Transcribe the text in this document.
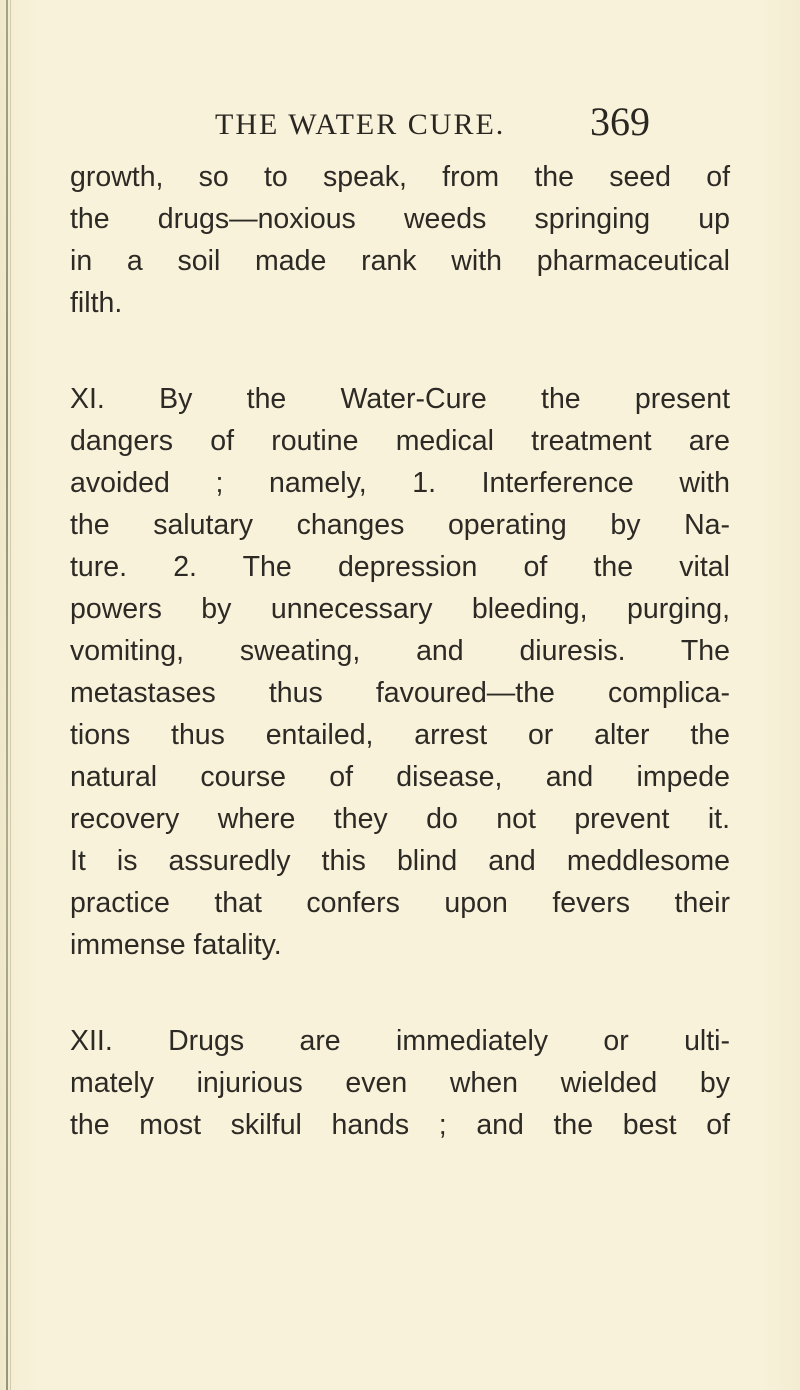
THE WATER CURE. 369
growth, so to speak, from the seed of
the drugs—noxious weeds springing up
in a soil made rank with pharmaceutical
filth.
XI. By the Water-Cure the present
dangers of routine medical treatment are
avoided ; namely, 1. Interference with
the salutary changes operating by Na-
ture. 2. The depression of the vital
powers by unnecessary bleeding, purging,
vomiting, sweating, and diuresis. The
metastases thus favoured—the complica-
tions thus entailed, arrest or alter the
natural course of disease, and impede
recovery where they do not prevent it.
It is assuredly this blind and meddlesome
practice that confers upon fevers their
immense fatality.
XII. Drugs are immediately or ulti-
mately injurious even when wielded by
the most skilful hands ; and the best of
